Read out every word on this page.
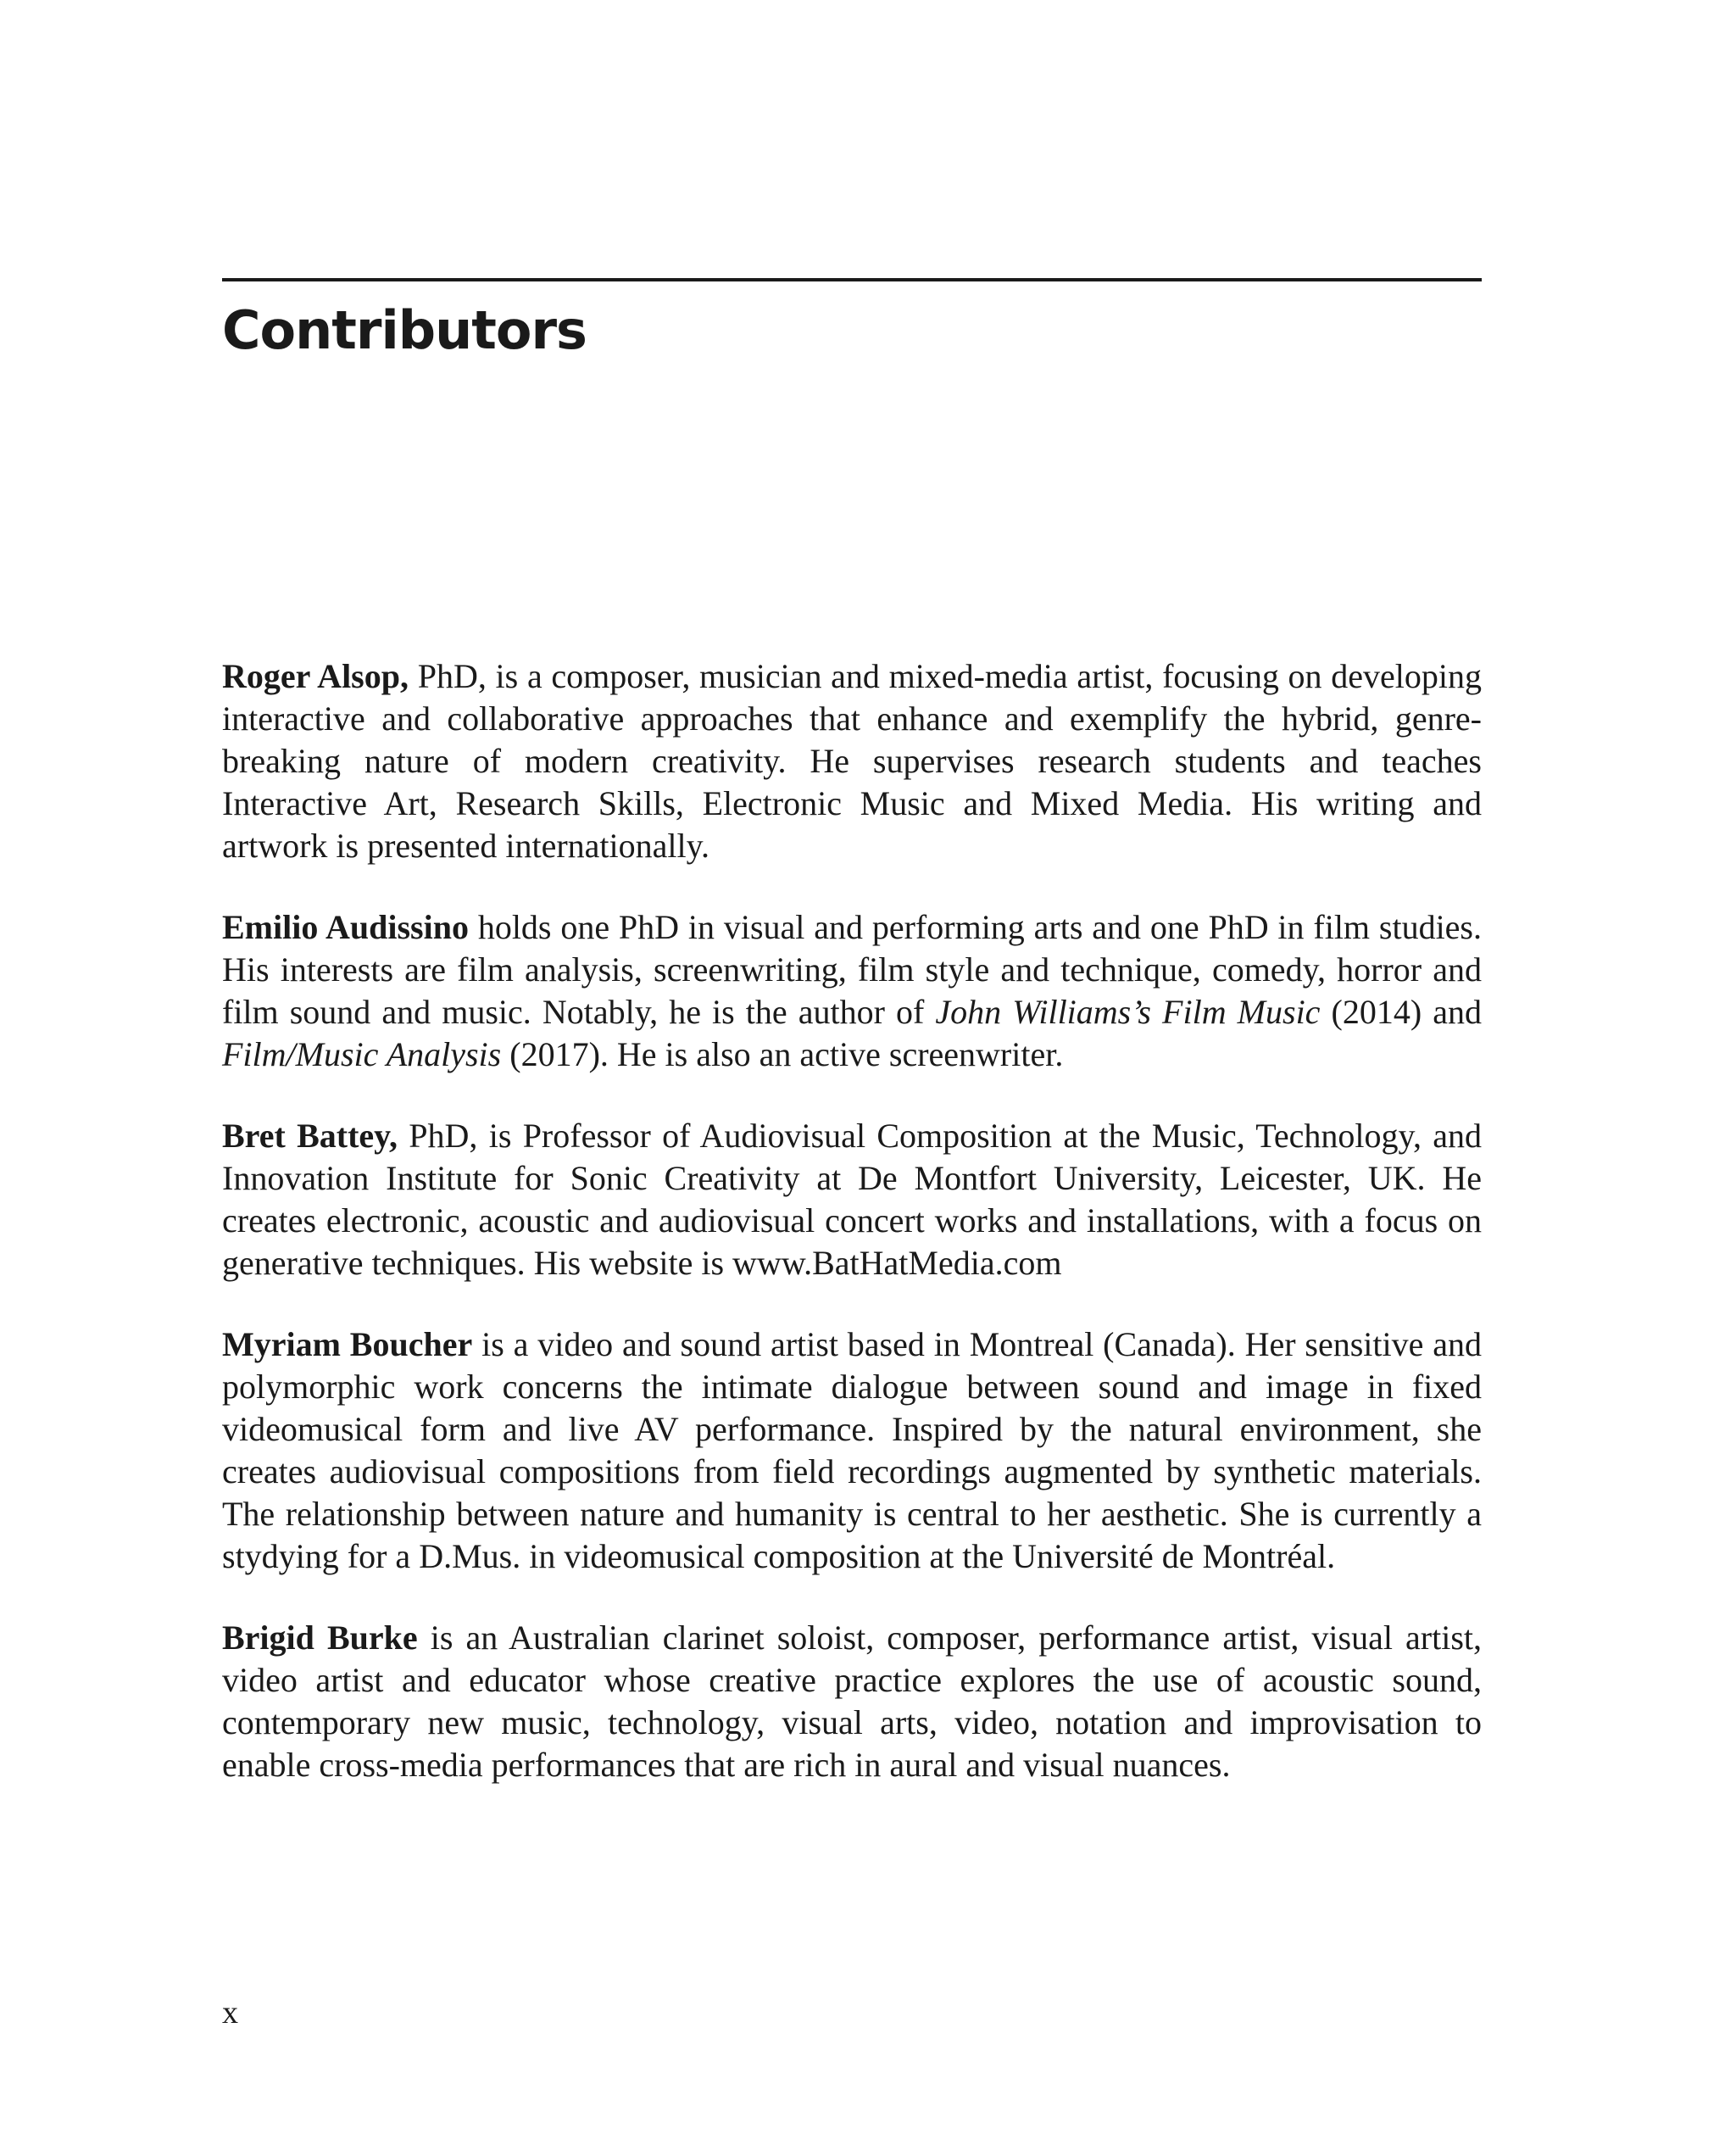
Contributors

Roger Alsop, PhD, is a composer, musician and mixed-media artist, focusing on developing interactive and collaborative approaches that enhance and exemplify the hybrid, genre-breaking nature of modern creativity. He supervises research students and teaches Interactive Art, Research Skills, Electronic Music and Mixed Media. His writing and artwork is presented internationally.

Emilio Audissino holds one PhD in visual and performing arts and one PhD in film studies. His interests are film analysis, screenwriting, film style and technique, comedy, horror and film sound and music. Notably, he is the author of John Williams’s Film Music (2014) and Film/Music Analysis (2017). He is also an active screenwriter.

Bret Battey, PhD, is Professor of Audiovisual Composition at the Music, Technology, and Innovation Institute for Sonic Creativity at De Montfort University, Leicester, UK. He creates electronic, acoustic and audiovisual concert works and installations, with a focus on generative techniques. His website is www.​BatHatMedia.com

Myriam Boucher is a video and sound artist based in Montreal (Canada). Her sensitive and polymorphic work concerns the intimate dialogue between sound and image in fixed videomusical form and live AV performance. Inspired by the natural environment, she creates audiovisual compositions from field recordings augmented by synthetic materials. The relationship between nature and humanity is central to her aesthetic. She is currently a stydying for a D.Mus. in videomusical composition at the Université de Montréal.

Brigid Burke is an Australian clarinet soloist, composer, performance artist, visual artist, video artist and educator whose creative practice explores the use of acoustic sound, contemporary new music, technology, visual arts, video, notation and improvisation to enable cross-media performances that are rich in aural and visual nuances.

x
